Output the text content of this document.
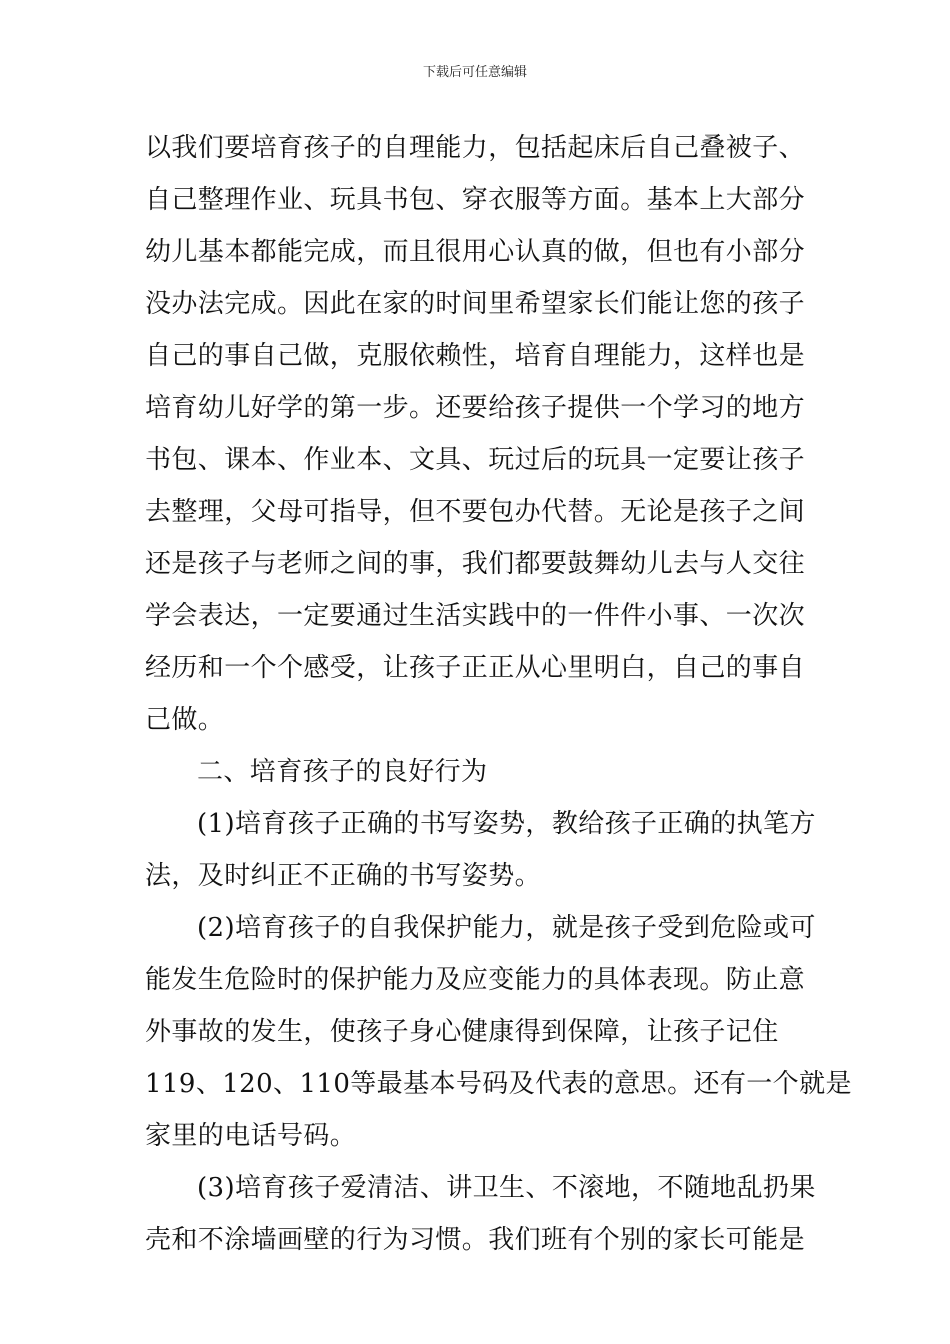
下载后可任意编辑
以我们要培育孩子的自理能力，包括起床后自己叠被子、
自己整理作业、玩具书包、穿衣服等方面。基本上大部分
幼儿基本都能完成，而且很用心认真的做，但也有小部分
没办法完成。因此在家的时间里希望家长们能让您的孩子
自己的事自己做，克服依赖性，培育自理能力，这样也是
培育幼儿好学的第一步。还要给孩子提供一个学习的地方
书包、课本、作业本、文具、玩过后的玩具一定要让孩子
去整理，父母可指导，但不要包办代替。无论是孩子之间
还是孩子与老师之间的事，我们都要鼓舞幼儿去与人交往
学会表达，一定要通过生活实践中的一件件小事、一次次
经历和一个个感受，让孩子正正从心里明白，自己的事自
己做。
二、培育孩子的良好行为
(1)培育孩子正确的书写姿势，教给孩子正确的执笔方
法，及时纠正不正确的书写姿势。
(2)培育孩子的自我保护能力，就是孩子受到危险或可
能发生危险时的保护能力及应变能力的具体表现。防止意
外事故的发生，使孩子身心健康得到保障，让孩子记住
119、120、110等最基本号码及代表的意思。还有一个就是
家里的电话号码。
(3)培育孩子爱清洁、讲卫生、不滚地，不随地乱扔果
壳和不涂墙画壁的行为习惯。我们班有个别的家长可能是
